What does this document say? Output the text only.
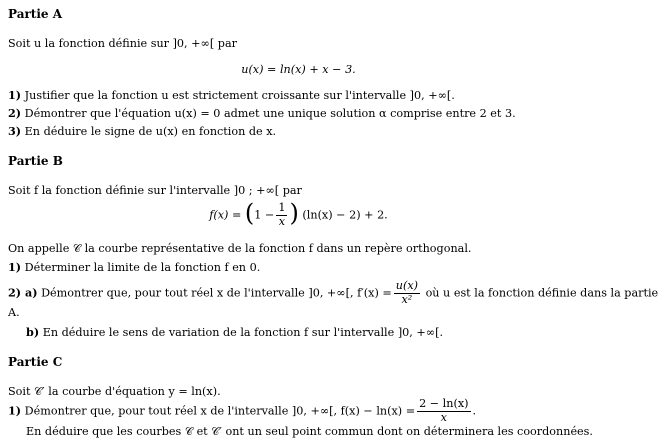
Partie A
Soit u la fonction définie sur ]0, +∞[ par
u(x) = ln(x) + x − 3.
1) Justifier que la fonction u est strictement croissante sur l'intervalle ]0, +∞[.
2) Démontrer que l'équation u(x) = 0 admet une unique solution α comprise entre 2 et 3.
3) En déduire le signe de u(x) en fonction de x.
Partie B
Soit f la fonction définie sur l'intervalle ]0 ; +∞[ par
$f(x) = (1 - \frac{1}{x}$ ) (ln(x) − 2) + 2.
On appelle 𝒞 la courbe représentative de la fonction f dans un repère orthogonal.
1) Déterminer la limite de la fonction f en 0.
2) a) Démontrer que, pour tout réel x de l'intervalle ]0, +∞[, $f'(x) = \frac{u(x)}{\text{x²}}$ où u est la fonction définie dans la partie
A.
b) En déduire le sens de variation de la fonction f sur l'intervalle ]0, +∞[.
Partie C
Soit 𝒞′ la courbe d'équation y = ln(x).
1) Démontrer que, pour tout réel x de l'intervalle ]0, +∞[, $f(x) - \ln(x) = \frac{2 - \ln(x)}{x}$ .
En déduire que les courbes 𝒞 et 𝒞′ ont un seul point commun dont on déterminera les coordonnées.
